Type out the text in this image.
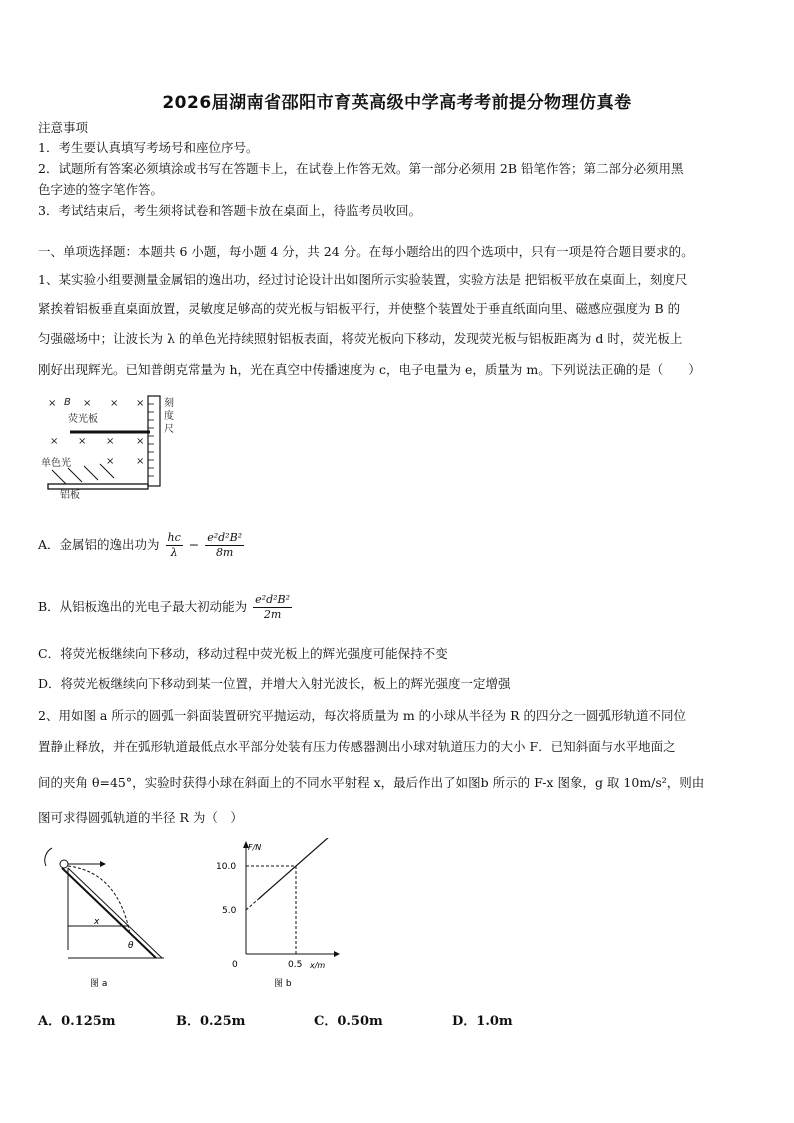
2026届湖南省邵阳市育英高级中学高考考前提分物理仿真卷
注意事项
1．考生要认真填写考场号和座位序号。
2．试题所有答案必须填涂或书写在答题卡上，在试卷上作答无效。第一部分必须用 2B 铅笔作答；第二部分必须用黑
色字迹的签字笔作答。
3．考试结束后，考生须将试卷和答题卡放在桌面上，待监考员收回。
一、单项选择题：本题共 6 小题，每小题 4 分，共 24 分。在每小题给出的四个选项中，只有一项是符合题目要求的。
1、某实验小组要测量金属铝的逸出功，经过讨论设计出如图所示实验装置，实验方法是 把铝板平放在桌面上，刻度尺
紧挨着铝板垂直桌面放置，灵敏度足够高的荧光板与铝板平行，并使整个装置处于垂直纸面向里、磁感应强度为 B 的
匀强磁场中；让波长为 λ 的单色光持续照射铝板表面，将荧光板向下移动，发现荧光板与铝板距离为 d 时，荧光板上
刚好出现辉光。已知普朗克常量为 h，光在真空中传播速度为 c，电子电量为 e，质量为 m。下列说法正确的是（　　）
× B × × ×
荧光板
× × × ×
单色光	× ×
铝板
刻
度
尺
A．金属铝的逸出功为 $\frac{hc}{\lambda} - \frac{\text{e²d²B²}}{8m}$
B．从铝板逸出的光电子最大初动能为 $\frac{\text{e²d²B²}}{2m}$
C．将荧光板继续向下移动，移动过程中荧光板上的辉光强度可能保持不变
D．将荧光板继续向下移动到某一位置，并增大入射光波长，板上的辉光强度一定增强
2、用如图 a 所示的圆弧一斜面装置研究平抛运动，每次将质量为 m 的小球从半径为 R 的四分之一圆弧形轨道不同位
置静止释放，并在弧形轨道最低点水平部分处装有压力传感器测出小球对轨道压力的大小 F．已知斜面与水平地面之
间的夹角 θ=45°，实验时获得小球在斜面上的不同水平射程 x，最后作出了如图b 所示的 F-x 图象，g 取 10m/s²，则由
图可求得圆弧轨道的半径 R 为（　）
x
θ
图 a
F/N
x/m
0	0.5
10.0
5.0
图 b
A．0.125m	B．0.25m	C．0.50m	D．1.0m
